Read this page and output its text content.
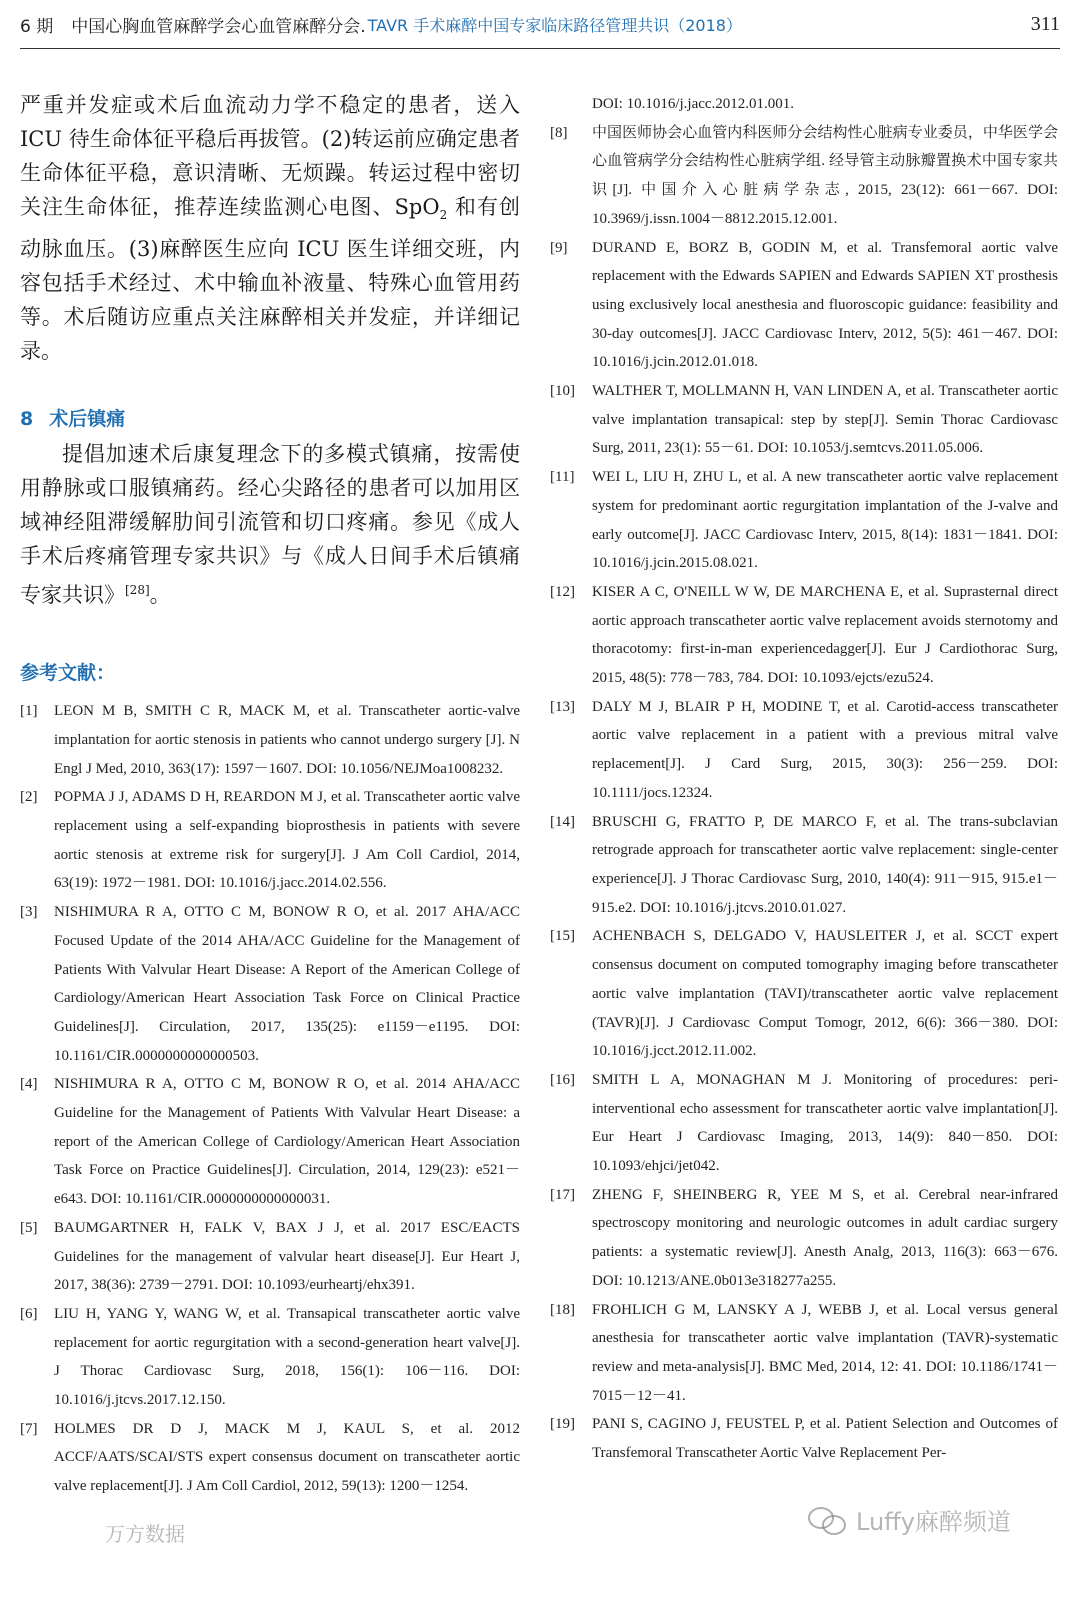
6 期 中国心胸血管麻醉学会心血管麻醉分会. TAVR 手术麻醉中国专家临床路径管理共识（2018）	311

严重并发症或术后血流动力学不稳定的患者，送入ICU 待生命体征平稳后再拔管。(2)转运前应确定患者生命体征平稳，意识清晰、无烦躁。转运过程中密切关注生命体征，推荐连续监测心电图、SpO$_2$ 和有创动脉血压。(3)麻醉医生应向 ICU 医生详细交班，内容包括手术经过、术中输血补液量、特殊心血管用药等。术后随访应重点关注麻醉相关并发症，并详细记录。

8 术后镇痛

提倡加速术后康复理念下的多模式镇痛，按需使用静脉或口服镇痛药。经心尖路径的患者可以加用区域神经阻滞缓解肋间引流管和切口疼痛。参见《成人手术后疼痛管理专家共识》与《成人日间手术后镇痛专家共识》[28]。

参考文献：
[1]	LEON M B, SMITH C R, MACK M, et al. Transcatheter aortic-valve implantation for aortic stenosis in patients who cannot undergo surgery [J]. N Engl J Med, 2010, 363(17): 1597－1607. DOI: 10.1056/NEJMoa1008232.
[2]	POPMA J J, ADAMS D H, REARDON M J, et al. Transcatheter aortic valve replacement using a self-expanding bioprosthesis in patients with severe aortic stenosis at extreme risk for surgery[J]. J Am Coll Cardiol, 2014, 63(19): 1972－1981. DOI: 10.1016/j.jacc.2014.02.556.
[3]	NISHIMURA R A, OTTO C M, BONOW R O, et al. 2017 AHA/ACC Focused Update of the 2014 AHA/ACC Guideline for the Management of Patients With Valvular Heart Disease: A Report of the American College of Cardiology/American Heart Association Task Force on Clinical Practice Guidelines[J]. Circulation, 2017, 135(25): e1159－e1195. DOI: 10.1161/CIR.0000000000000503.
[4]	NISHIMURA R A, OTTO C M, BONOW R O, et al. 2014 AHA/ACC Guideline for the Management of Patients With Valvular Heart Disease: a report of the American College of Cardiology/American Heart Association Task Force on Practice Guidelines[J]. Circulation, 2014, 129(23): e521－e643. DOI: 10.1161/CIR.0000000000000031.
[5]	BAUMGARTNER H, FALK V, BAX J J, et al. 2017 ESC/EACTS Guidelines for the management of valvular heart disease[J]. Eur Heart J, 2017, 38(36): 2739－2791. DOI: 10.1093/eurheartj/ehx391.
[6]	LIU H, YANG Y, WANG W, et al. Transapical transcatheter aortic valve replacement for aortic regurgitation with a second-generation heart valve[J]. J Thorac Cardiovasc Surg, 2018, 156(1): 106－116. DOI: 10.1016/j.jtcvs.2017.12.150.
[7]	HOLMES DR D J, MACK M J, KAUL S, et al. 2012 ACCF/AATS/SCAI/STS expert consensus document on transcatheter aortic valve replacement[J]. J Am Coll Cardiol, 2012, 59(13): 1200－1254.
DOI: 10.1016/j.jacc.2012.01.001.
[8]	中国医师协会心血管内科医师分会结构性心脏病专业委员，中华医学会心血管病学分会结构性心脏病学组. 经导管主动脉瓣置换术中国专家共识[J]. 中国介入心脏病学杂志, 2015, 23(12): 661－667. DOI: 10.3969/j.issn.1004－8812.2015.12.001.
[9]	DURAND E, BORZ B, GODIN M, et al. Transfemoral aortic valve replacement with the Edwards SAPIEN and Edwards SAPIEN XT prosthesis using exclusively local anesthesia and fluoroscopic guidance: feasibility and 30-day outcomes[J]. JACC Cardiovasc Interv, 2012, 5(5): 461－467. DOI: 10.1016/j.jcin.2012.01.018.
[10]	WALTHER T, MOLLMANN H, VAN LINDEN A, et al. Transcatheter aortic valve implantation transapical: step by step[J]. Semin Thorac Cardiovasc Surg, 2011, 23(1): 55－61. DOI: 10.1053/j.semtcvs.2011.05.006.
[11]	WEI L, LIU H, ZHU L, et al. A new transcatheter aortic valve replacement system for predominant aortic regurgitation implantation of the J-valve and early outcome[J]. JACC Cardiovasc Interv, 2015, 8(14): 1831－1841. DOI: 10.1016/j.jcin.2015.08.021.
[12]	KISER A C, O'NEILL W W, DE MARCHENA E, et al. Suprasternal direct aortic approach transcatheter aortic valve replacement avoids sternotomy and thoracotomy: first-in-man experiencedagger[J]. Eur J Cardiothorac Surg, 2015, 48(5): 778－783, 784. DOI: 10.1093/ejcts/ezu524.
[13]	DALY M J, BLAIR P H, MODINE T, et al. Carotid-access transcatheter aortic valve replacement in a patient with a previous mitral valve replacement[J]. J Card Surg, 2015, 30(3): 256－259. DOI: 10.1111/jocs.12324.
[14]	BRUSCHI G, FRATTO P, DE MARCO F, et al. The trans-subclavian retrograde approach for transcatheter aortic valve replacement: single-center experience[J]. J Thorac Cardiovasc Surg, 2010, 140(4): 911－915, 915.e1－915.e2. DOI: 10.1016/j.jtcvs.2010.01.027.
[15]	ACHENBACH S, DELGADO V, HAUSLEITER J, et al. SCCT expert consensus document on computed tomography imaging before transcatheter aortic valve implantation (TAVI)/transcatheter aortic valve replacement (TAVR)[J]. J Cardiovasc Comput Tomogr, 2012, 6(6): 366－380. DOI: 10.1016/j.jcct.2012.11.002.
[16]	SMITH L A, MONAGHAN M J. Monitoring of procedures: peri-interventional echo assessment for transcatheter aortic valve implantation[J]. Eur Heart J Cardiovasc Imaging, 2013, 14(9): 840－850. DOI: 10.1093/ehjci/jet042.
[17]	ZHENG F, SHEINBERG R, YEE M S, et al. Cerebral near-infrared spectroscopy monitoring and neurologic outcomes in adult cardiac surgery patients: a systematic review[J]. Anesth Analg, 2013, 116(3): 663－676. DOI: 10.1213/ANE.0b013e318277a255.
[18]	FROHLICH G M, LANSKY A J, WEBB J, et al. Local versus general anesthesia for transcatheter aortic valve implantation (TAVR)-systematic review and meta-analysis[J]. BMC Med, 2014, 12: 41. DOI: 10.1186/1741－7015－12－41.
[19]	PANI S, CAGINO J, FEUSTEL P, et al. Patient Selection and Outcomes of Transfemoral Transcatheter Aortic Valve Replacement Per-
万方数据	Luffy麻醉频道
